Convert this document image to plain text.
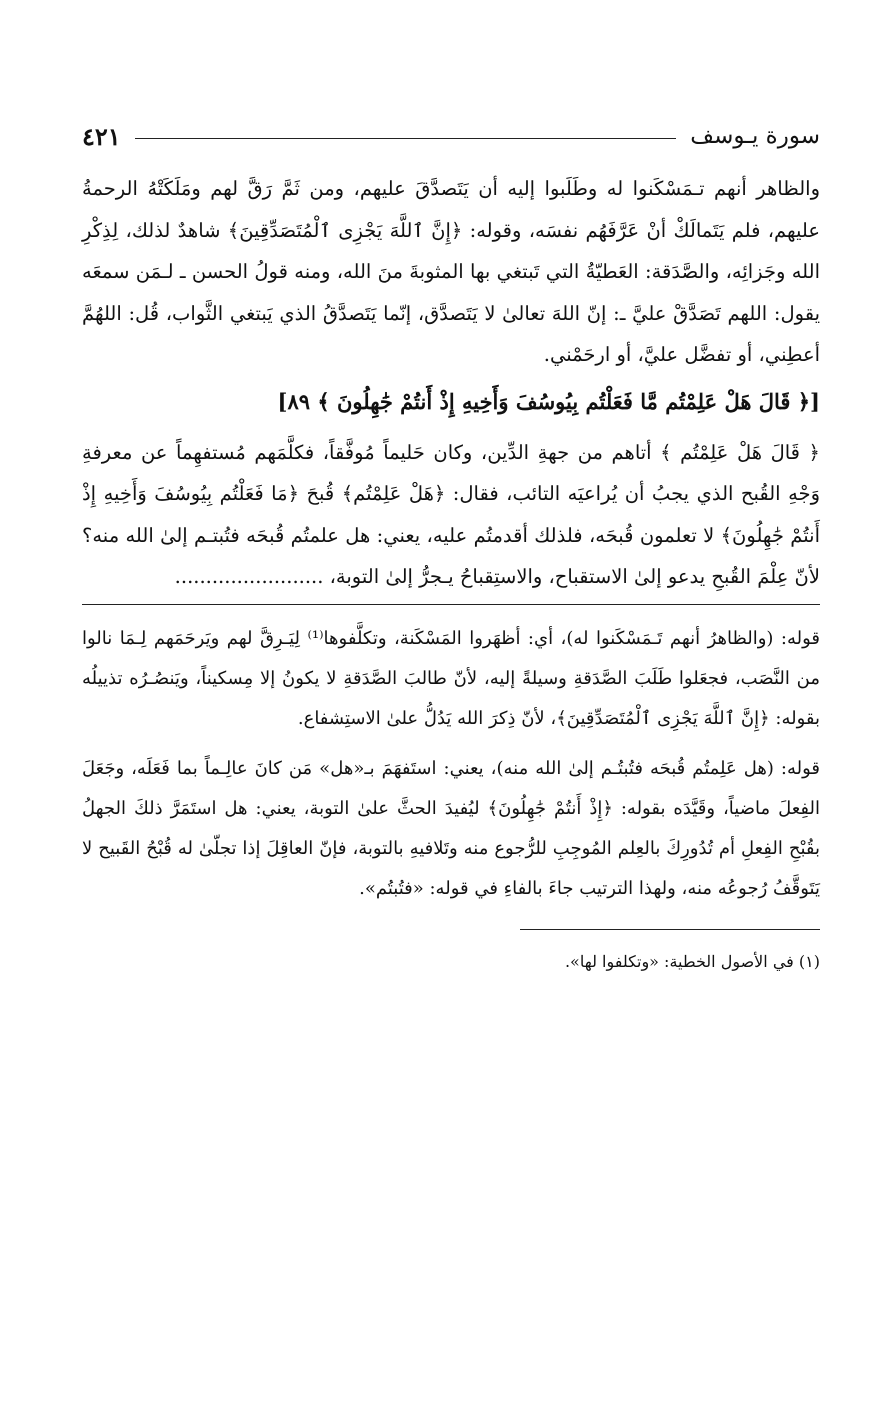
سورة يـوسف
٤٢١

والظاهر أنهم تـمَسْكَنوا له وطَلَبوا إليه أن يَتَصدَّقَ عليهم، ومن ثَمَّ رَقَّ لهم ومَلَكَتْهُ الرحمةُ عليهم، فلم يَتَمالَكْ أنْ عَرَّفَهُم نفسَه، وقوله: ﴿إِنَّ ٱللَّهَ يَجْزِى ٱلْمُتَصَدِّقِينَ﴾ شاهدٌ لذلك، لِذِكْرِ الله وجَزائِه، والصَّدَقة: العَطيّةُ التي تَبتغي بها المثوبةَ منَ الله، ومنه قولُ الحسن ـ لـمَن سمعَه يقول: اللهم تَصَدَّقْ عليَّ ـ: إنّ اللهَ تعالىٰ لا يَتَصدَّق، إنّما يَتَصدَّقُ الذي يَبتغي الثَّواب، قُل: اللهُمَّ أعطِني، أو تفضَّل عليَّ، أو ارحَمْني.

[﴿ قَالَ هَلْ عَلِمْتُم مَّا فَعَلْتُم بِيُوسُفَ وَأَخِيهِ إِذْ أَنتُمْ جَٰهِلُونَ ﴾ ٨٩]

﴿ قَالَ هَلْ عَلِمْتُم ﴾ أتاهم من جهةِ الدِّين، وكان حَليماً مُوفَّقاً، فكلَّمَهم مُستفهِماً عن معرفةِ وَجْهِ القُبح الذي يجبُ أن يُراعيَه التائب، فقال: ﴿هَلْ عَلِمْتُم﴾ قُبحَ ﴿مَا فَعَلْتُم بِيُوسُفَ وَأَخِيهِ إِذْ أَنتُمْ جَٰهِلُونَ﴾ لا تعلمون قُبحَه، فلذلك أقدمتُم عليه، يعني: هل علمتُم قُبحَه فتُبتـم إلىٰ الله منه؟ لأنّ عِلْمَ القُبحِ يدعو إلىٰ الاستقباح، والاستِقباحُ يـجرُّ إلىٰ التوبة، ........................

قوله: (والظاهرُ أنهم تَـمَسْكَنوا له)، أي: أظهَروا المَسْكَنة، وتكلَّفوها⁽¹⁾ لِيَـرِقَّ لهم ويَرحَمَهم لِـمَا نالوا من النَّصَب، فجعَلوا طَلَبَ الصَّدَقةِ وسيلةً إليه، لأنّ طالبَ الصَّدَقةِ لا يكونُ إلا مِسكيناً، ويَنصُـرُه تذييلُه بقوله: ﴿إِنَّ ٱللَّهَ يَجْزِى ٱلْمُتَصَدِّقِينَ﴾، لأنّ ذِكرَ الله يَدُلُّ علىٰ الاستِشفاع.

قوله: (هل عَلِمتُم قُبحَه فتُبتُـم إلىٰ الله منه)، يعني: استَفهَمَ بـ«هل» مَن كانَ عالِـماً بما فَعَلَه، وجَعَلَ الفِعلَ ماضياً، وقَيَّدَه بقوله: ﴿إِذْ أَنتُمْ جَٰهِلُونَ﴾ ليُفيدَ الحثَّ علىٰ التوبة، يعني: هل استَمَرَّ ذلكَ الجهلُ بقُبْحِ الفِعلِ أم تُدُورِكَ بالعِلم المُوجِبِ للرُّجوع منه وتَلافيهِ بالتوبة، فإنّ العاقِلَ إذا تجلّىٰ له قُبْحُ القَبيح لا يَتَوقَّفُ رُجوعُه منه، ولهذا الترتيب جاءَ بالفاءِ في قوله: «فتُبتُم».

(١) في الأصول الخطية: «وتكلفوا لها».
